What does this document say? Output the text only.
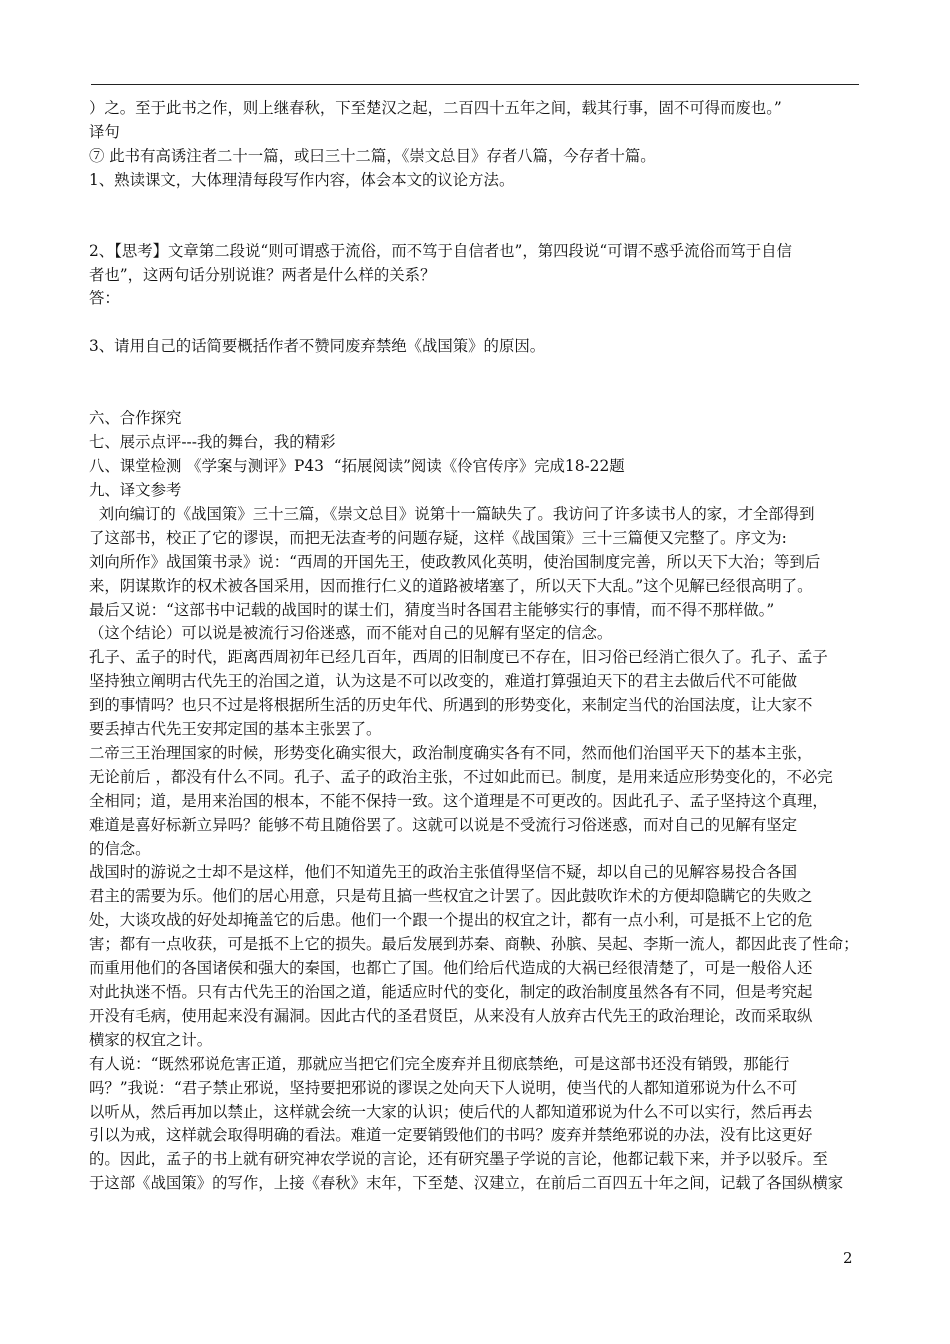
）之。至于此书之作，则上继春秋，下至楚汉之起，二百四十五年之间，载其行事，固不可得而废也。”

译句

⑦ 此书有高诱注者二十一篇，或曰三十二篇，《崇文总目》存者八篇，今存者十篇。

1、熟读课文，大体理清每段写作内容，体会本文的议论方法。

2、【思考】文章第二段说“则可谓惑于流俗，而不笃于自信者也”，第四段说“可谓不惑乎流俗而笃于自信

者也”，这两句话分别说谁？两者是什么样的关系？

答：

3、请用自己的话简要概括作者不赞同废弃禁绝《战国策》的原因。

六、合作探究

七、展示点评---我的舞台，我的精彩

八、课堂检测 《学案与测评》P43  “拓展阅读”阅读《伶官传序》完成18-22题

九、译文参考

刘向编订的《战国策》三十三篇，《崇文总目》说第十一篇缺失了。我访问了许多读书人的家，才全部得到

了这部书，校正了它的谬误，而把无法查考的问题存疑，这样《战国策》三十三篇便又完整了。序文为:

刘向所作》战国策书录》说：“西周的开国先王，使政教风化英明，使治国制度完善，所以天下大治；等到后

来，阴谋欺诈的权术被各国采用，因而推行仁义的道路被堵塞了，所以天下大乱。”这个见解已经很高明了。

最后又说：“这部书中记载的战国时的谋士们，猜度当时各国君主能够实行的事情，而不得不那样做。”

（这个结论）可以说是被流行习俗迷惑，而不能对自己的见解有坚定的信念。

孔子、孟子的时代，距离西周初年已经几百年，西周的旧制度已不存在，旧习俗已经消亡很久了。孔子、孟子

坚持独立阐明古代先王的治国之道，认为这是不可以改变的，难道打算强迫天下的君主去做后代不可能做

到的事情吗？也只不过是将根据所生活的历史年代、所遇到的形势变化，来制定当代的治国法度，让大家不

要丢掉古代先王安邦定国的基本主张罢了。

二帝三王治理国家的时候，形势变化确实很大，政治制度确实各有不同，然而他们治国平天下的基本主张，

无论前后 ，都没有什么不同。孔子、孟子的政治主张，不过如此而已。制度，是用来适应形势变化的，不必完

全相同；道，是用来治国的根本，不能不保持一致。这个道理是不可更改的。因此孔子、孟子坚持这个真理，

难道是喜好标新立异吗？能够不苟且随俗罢了。这就可以说是不受流行习俗迷惑，而对自己的见解有坚定

的信念。

战国时的游说之士却不是这样，他们不知道先王的政治主张值得坚信不疑，却以自己的见解容易投合各国

君主的需要为乐。他们的居心用意，只是苟且搞一些权宜之计罢了。因此鼓吹诈术的方便却隐瞒它的失败之

处，大谈攻战的好处却掩盖它的后患。他们一个跟一个提出的权宜之计，都有一点小利，可是抵不上它的危

害；都有一点收获，可是抵不上它的损失。最后发展到苏秦、商鞅、孙膑、吴起、李斯一流人，都因此丧了性命；

而重用他们的各国诸侯和强大的秦国，也都亡了国。他们给后代造成的大祸已经很清楚了，可是一般俗人还

对此执迷不悟。只有古代先王的治国之道，能适应时代的变化，制定的政治制度虽然各有不同，但是考究起

开没有毛病，使用起来没有漏洞。因此古代的圣君贤臣，从来没有人放弃古代先王的政治理论，改而采取纵

横家的权宜之计。

有人说：“既然邪说危害正道，那就应当把它们完全废弃并且彻底禁绝，可是这部书还没有销毁，那能行

吗？”我说：“君子禁止邪说，坚持要把邪说的谬误之处向天下人说明，使当代的人都知道邪说为什么不可

以听从，然后再加以禁止，这样就会统一大家的认识；使后代的人都知道邪说为什么不可以实行，然后再去

引以为戒，这样就会取得明确的看法。难道一定要销毁他们的书吗？废弃并禁绝邪说的办法，没有比这更好

的。因此，孟子的书上就有研究神农学说的言论，还有研究墨子学说的言论，他都记载下来，并予以驳斥。至

于这部《战国策》的写作，上接《春秋》末年，下至楚、汉建立，在前后二百四五十年之间，记载了各国纵横家

2
